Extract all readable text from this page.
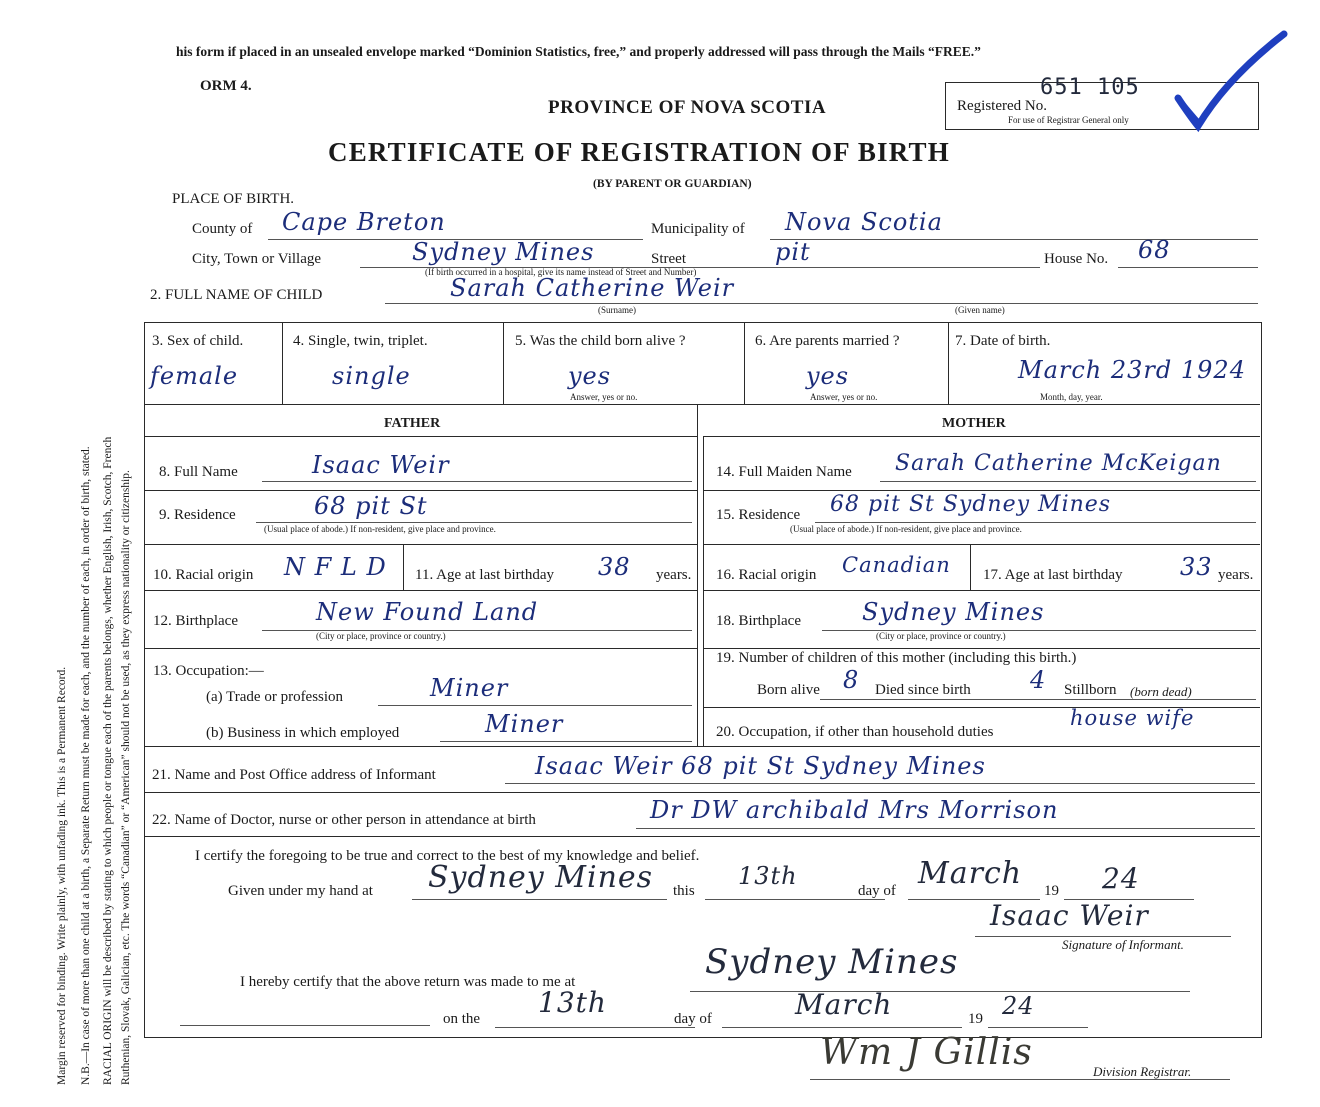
Margin reserved for binding. Write plainly, with unfading ink. This is a Permanent Record. N.B.—In case of more than one child at a birth, a Separate Return must be made for each, and the number of each, in order of birth, stated. RACIAL ORIGIN will be described by stating to which people or tongue each of the parents belongs, whether English, Irish, Scotch, French Ruthenian, Slovak, Galician, etc. The words “Canadian” or “American” should not be used, as they express nationality or citizenship.
his form if placed in an unsealed envelope marked “Dominion Statistics, free,” and properly addressed will pass through the Mails “FREE.”
ORM 4.
PROVINCE OF NOVA SCOTIA
CERTIFICATE OF REGISTRATION OF BIRTH
(BY PARENT OR GUARDIAN)
Registered No.
651 105
For use of Registrar General only
PLACE OF BIRTH.
County of Cape Breton	Municipality of Nova Scotia
City, Town or Village	Sydney Mines	Street	pit
(If birth occurred in a hospital, give its name instead of Street and Number)
House No. 68
2. FULL NAME OF CHILD	Sarah Catherine Weir
(Surname)	(Given name)
3. Sex of child.
female
4. Single, twin, triplet.
single
5. Was the child born alive ?
yes
Answer, yes or no.
6. Are parents married ?
yes
Answer, yes or no.
7. Date of birth.
March 23rd 1924
Month, day, year.
FATHER	MOTHER
8. Full Name	Isaac Weir
9. Residence	68 pit St
(Usual place of abode.) If non-resident, give place and province.
10. Racial origin N F L D 11. Age at last birthday 38 years.
12. Birthplace	New Found Land
(City or place, province or country.)
13. Occupation:—
(a) Trade or profession	Miner
(b) Business in which employed	Miner
14. Full Maiden Name Sarah Catherine McKeigan
15. Residence 68 pit St Sydney Mines
(Usual place of abode.) If non-resident, give place and province.
16. Racial origin Canadian 17. Age at last birthday 33 years.
18. Birthplace	Sydney Mines
(City or place, province or country.)
19. Number of children of this mother (including this birth.)
Born alive 8 Died since birth 4 Stillborn (born dead)
20. Occupation, if other than household duties
house wife
21. Name and Post Office address of Informant	Isaac Weir 68 pit St Sydney Mines
22. Name of Doctor, nurse or other person in attendance at birth	Dr DW archibald Mrs Morrison
I certify the foregoing to be true and correct to the best of my knowledge and belief.
Given under my hand at Sydney Mines this
13th
day of March 19 24
Isaac Weir
Signature of Informant.
I hereby certify that the above return was made to me at	Sydney Mines
on the 13th	day of	March	19 24
Wm J Gillis	Division Registrar.
